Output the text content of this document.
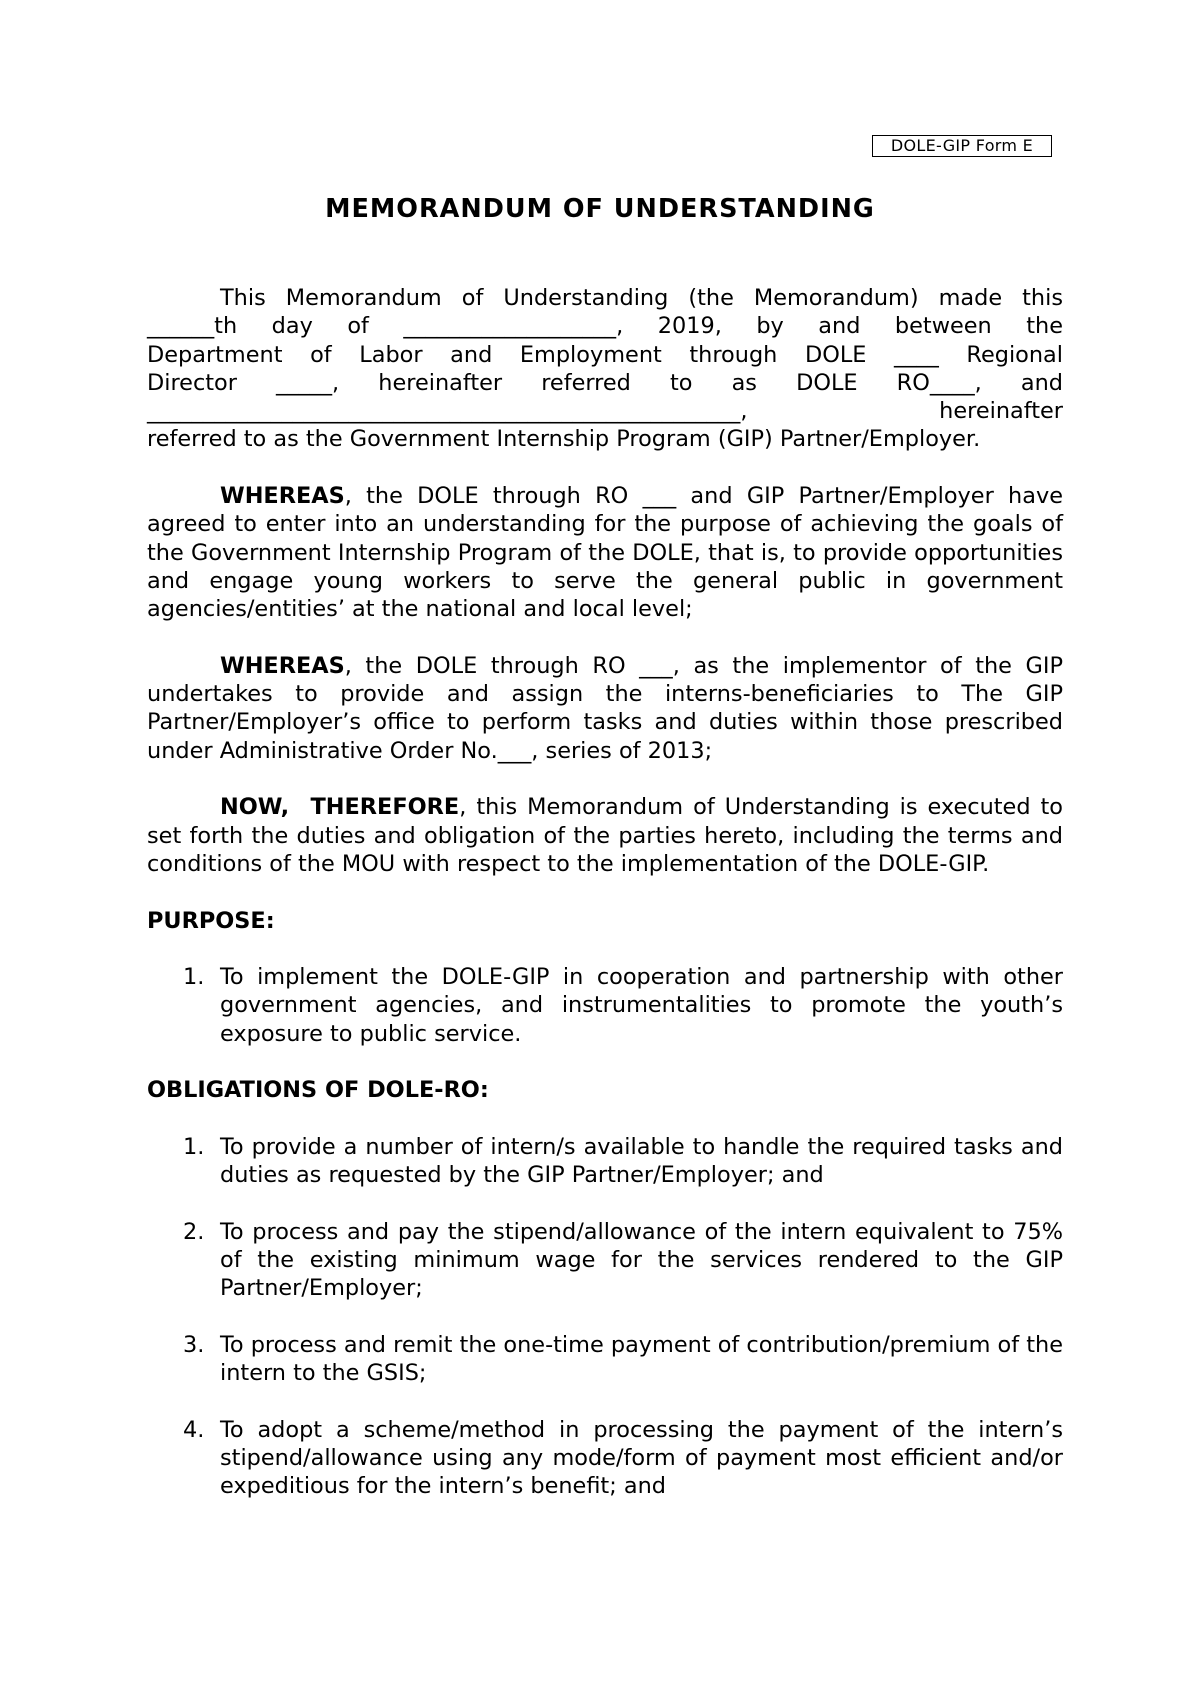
DOLE-GIP Form E
MEMORANDUM OF UNDERSTANDING
This Memorandum of Understanding (the Memorandum) made this
______th day of ___________________, 2019, by and between the
Department of Labor and Employment through DOLE ____ Regional
Director _____, hereinafter referred to as DOLE RO____, and
_____________________________________________________, hereinafter
referred to as the Government Internship Program (GIP) Partner/Employer.

WHEREAS, the DOLE through RO ___ and GIP Partner/Employer have agreed to enter into an understanding for the purpose of achieving the goals of the Government Internship Program of the DOLE, that is, to provide opportunities and engage young workers to serve the general public in government agencies/entities’ at the national and local level;

WHEREAS, the DOLE through RO ___, as the implementor of the GIP undertakes to provide and assign the interns-beneficiaries to The GIP Partner/Employer’s office to perform tasks and duties within those prescribed under Administrative Order No.___, series of 2013;

NOW,  THEREFORE, this Memorandum of Understanding is executed to set forth the duties and obligation of the parties hereto, including the terms and conditions of the MOU with respect to the implementation of the DOLE-GIP.

PURPOSE:
1. To implement the DOLE-GIP in cooperation and partnership with other government agencies, and instrumentalities to promote the youth’s exposure to public service.
OBLIGATIONS OF DOLE-RO:
1. To provide a number of intern/s available to handle the required tasks and duties as requested by the GIP Partner/Employer; and
2. To process and pay the stipend/allowance of the intern equivalent to 75% of the existing minimum wage for the services rendered to the GIP Partner/Employer;
3. To process and remit the one-time payment of contribution/premium of the intern to the GSIS;
4. To adopt a scheme/method in processing the payment of the intern’s stipend/allowance using any mode/form of payment most efficient and/or expeditious for the intern’s benefit; and
